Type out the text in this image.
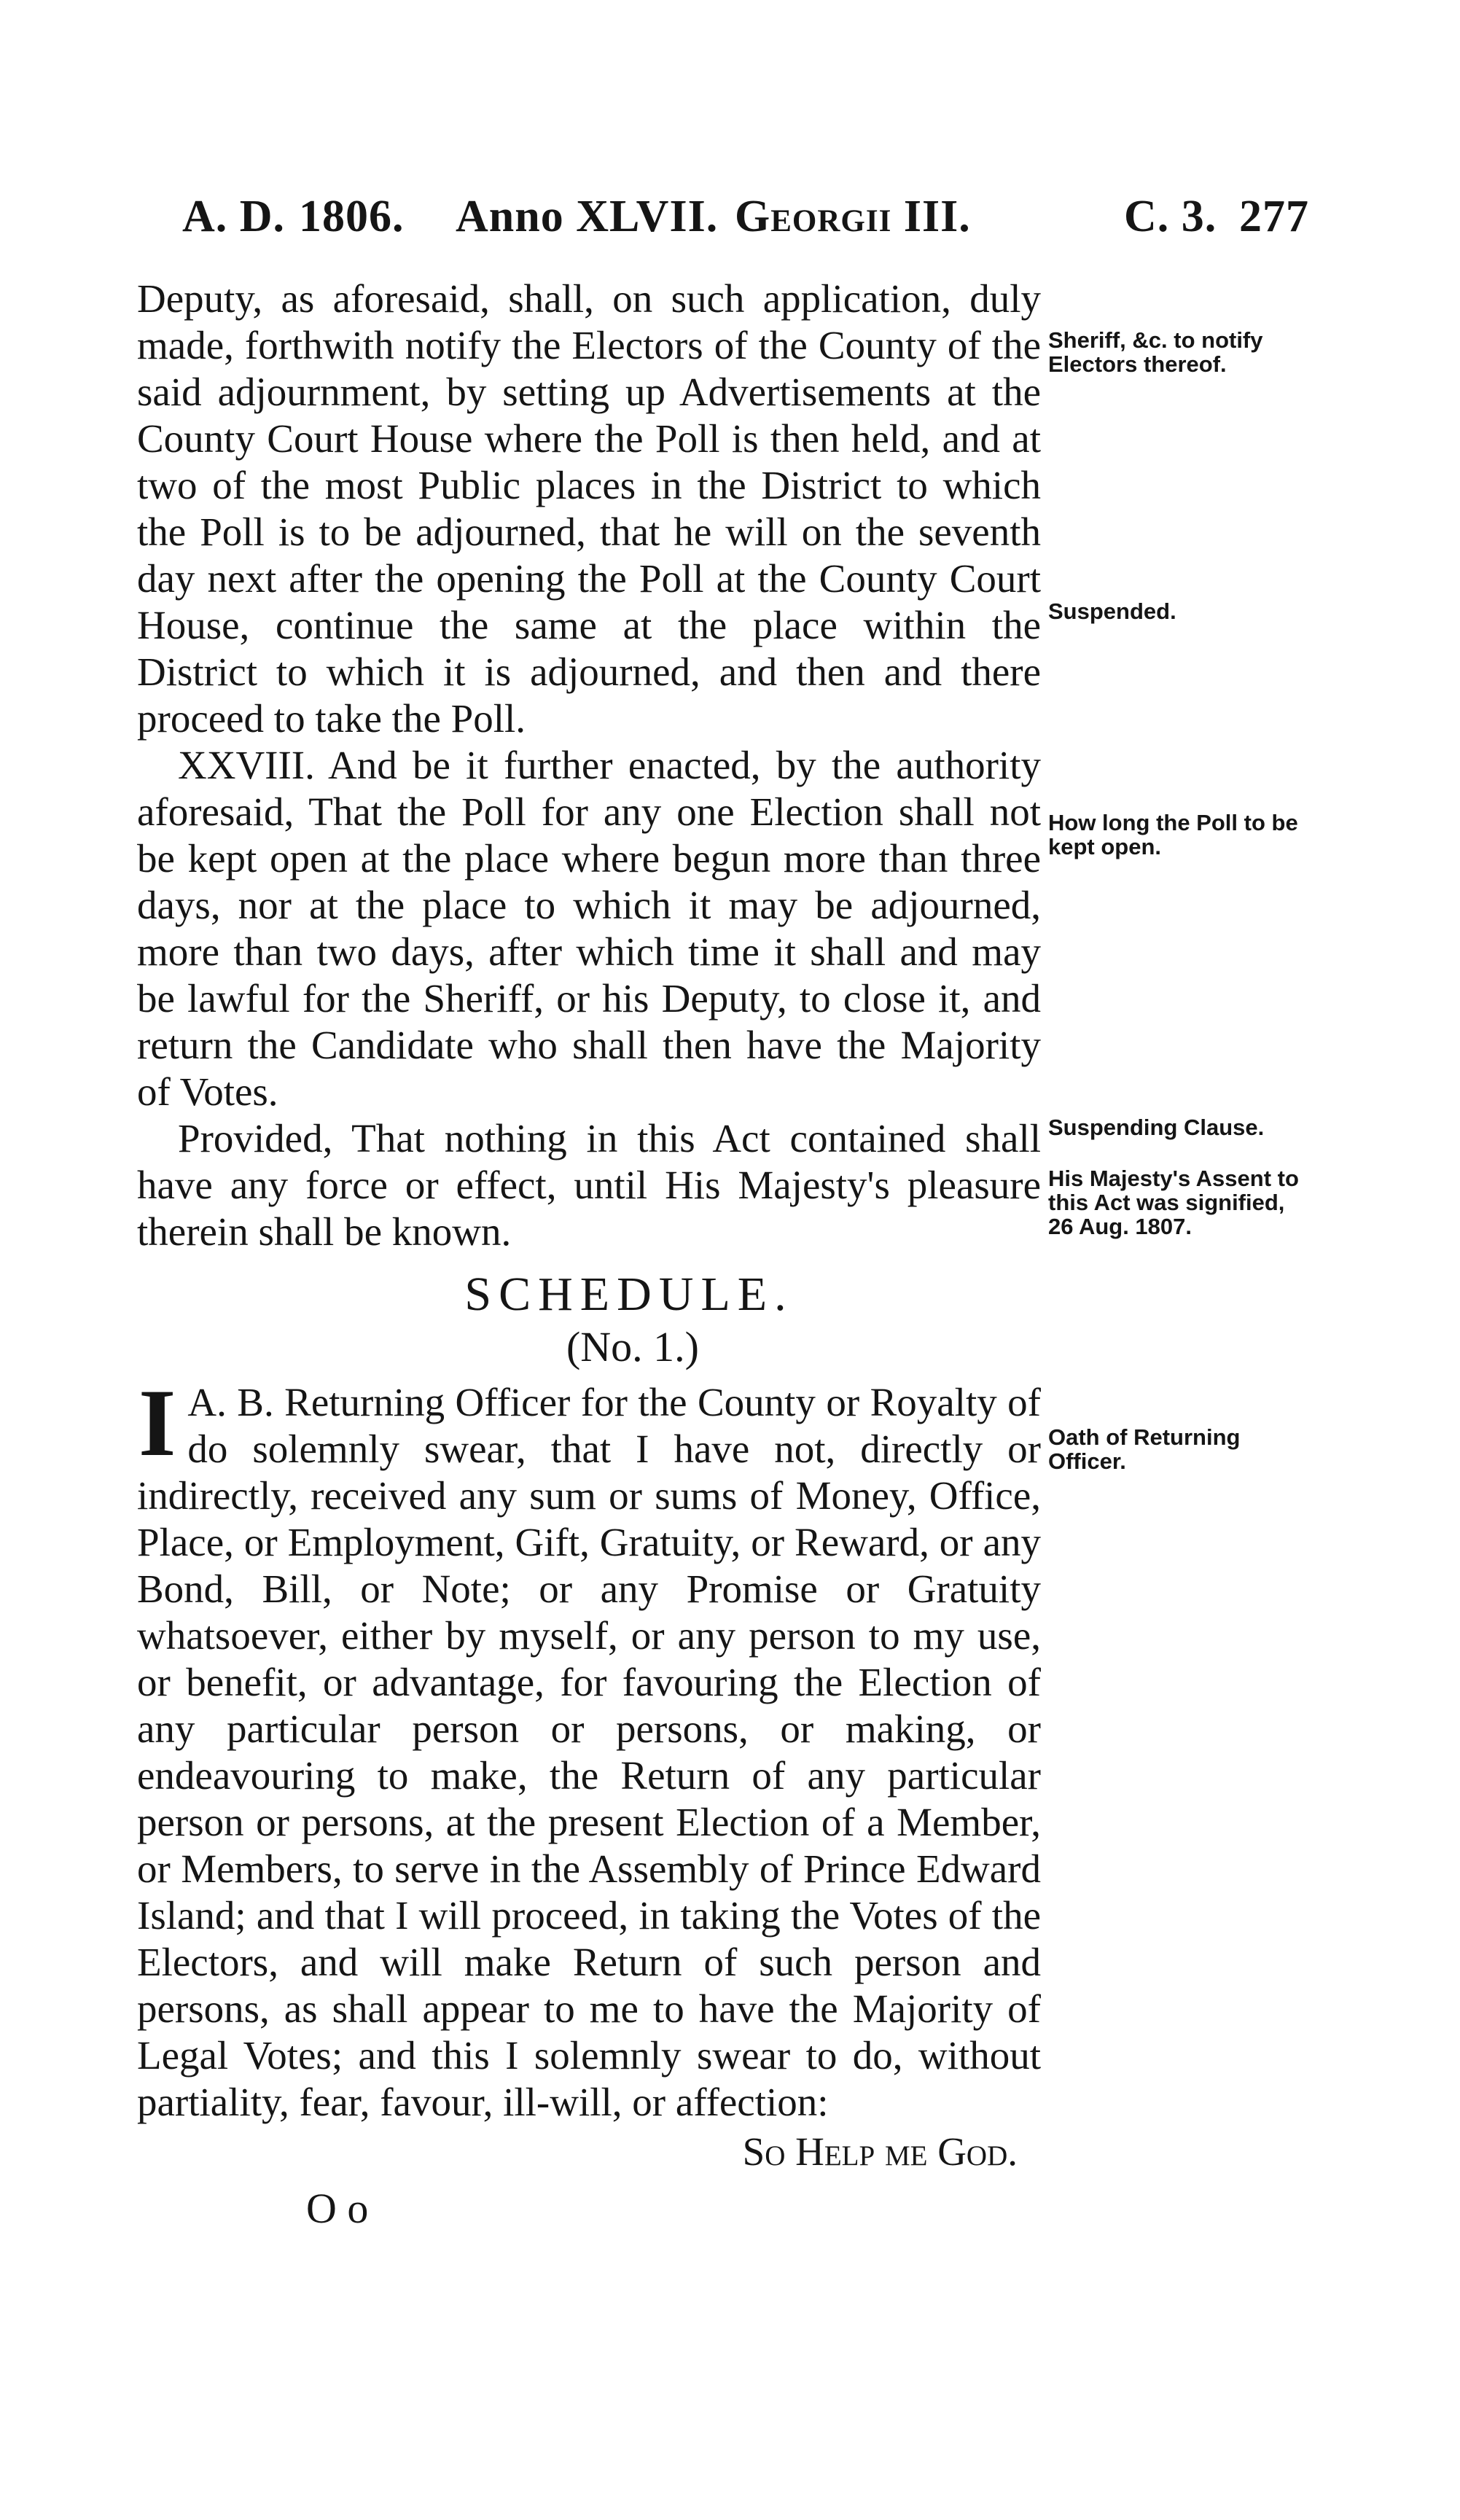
A. D. 1806. Anno XLVII. Georgii III.	C. 3. 277

Deputy, as aforesaid, shall, on such application, duly made, forthwith notify the Electors of the County of the said adjournment, by setting up Advertisements at the County Court House where the Poll is then held, and at two of the most Public places in the District to which the Poll is to be adjourned, that he will on the seventh day next after the opening the Poll at the County Court House, continue the same at the place within the District to which it is adjourned, and then and there proceed to take the Poll.

XXVIII. And be it further enacted, by the authority aforesaid, That the Poll for any one Election shall not be kept open at the place where begun more than three days, nor at the place to which it may be adjourned, more than two days, after which time it shall and may be lawful for the Sheriff, or his Deputy, to close it, and return the Candidate who shall then have the Majority of Votes.

Provided, That nothing in this Act contained shall have any force or effect, until His Majesty's pleasure therein shall be known.

SCHEDULE.

(No. 1.)

I A. B. Returning Officer for the County or Royalty of do solemnly swear, that I have not, directly or indirectly, received any sum or sums of Money, Office, Place, or Employment, Gift, Gratuity, or Reward, or any Bond, Bill, or Note; or any Promise or Gratuity whatsoever, either by myself, or any person to my use, or benefit, or advantage, for favouring the Election of any particular person or persons, or making, or endeavouring to make, the Return of any particular person or persons, at the present Election of a Member, or Members, to serve in the Assembly of Prince Edward Island; and that I will proceed, in taking the Votes of the Electors, and will make Return of such person and persons, as shall appear to me to have the Majority of Legal Votes; and this I solemnly swear to do, without partiality, fear, favour, ill-will, or affection:

So Help me God.

O o

Sheriff, &c. to notify Electors thereof.
Suspended.
How long the Poll to be kept open.
Suspending Clause.
His Majesty's Assent to this Act was signified, 26 Aug. 1807.
Oath of Returning Officer.
